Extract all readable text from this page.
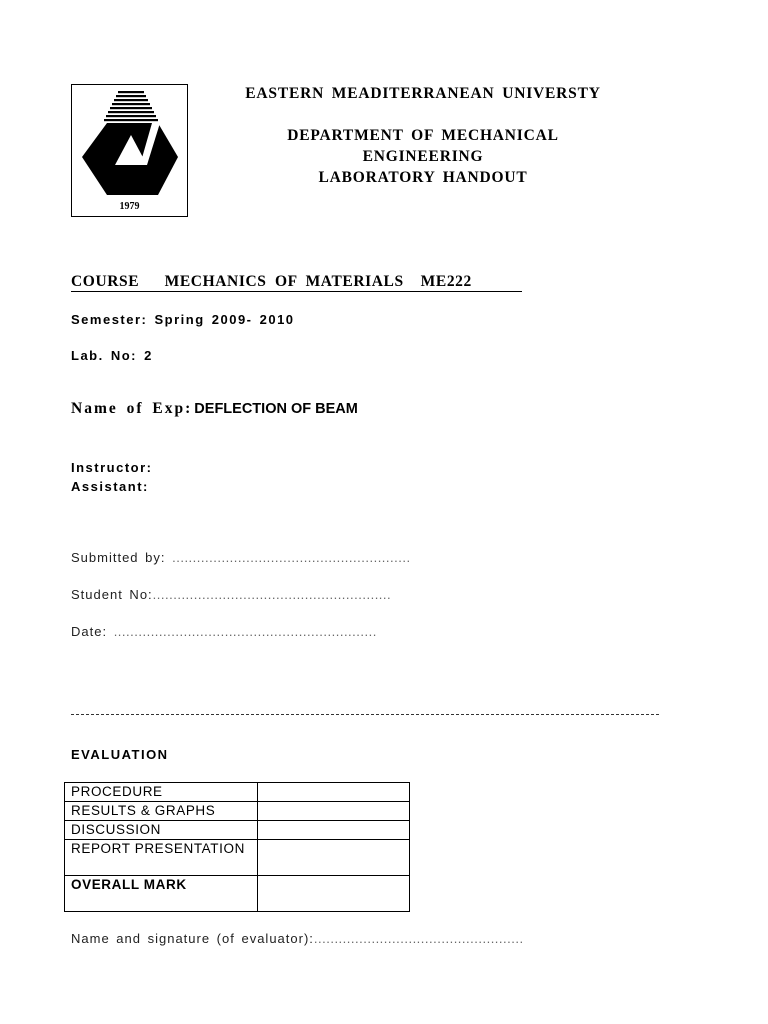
1979
EASTERN MEADITERRANEAN UNIVERSTY
DEPARTMENT OF MECHANICAL
ENGINEERING
LABORATORY HANDOUT
COURSE   MECHANICS OF MATERIALS  ME222
Semester: Spring 2009- 2010
Lab. No: 2
Name of Exp: DEFLECTION OF BEAM
Instructor:
Assistant:
Submitted by: ..........................................................
Student No:..........................................................
Date: ................................................................
EVALUATION
PROCEDURE	
RESULTS & GRAPHS	
DISCUSSION	
REPORT PRESENTATION	
OVERALL MARK	
Name and signature (of evaluator):...................................................
